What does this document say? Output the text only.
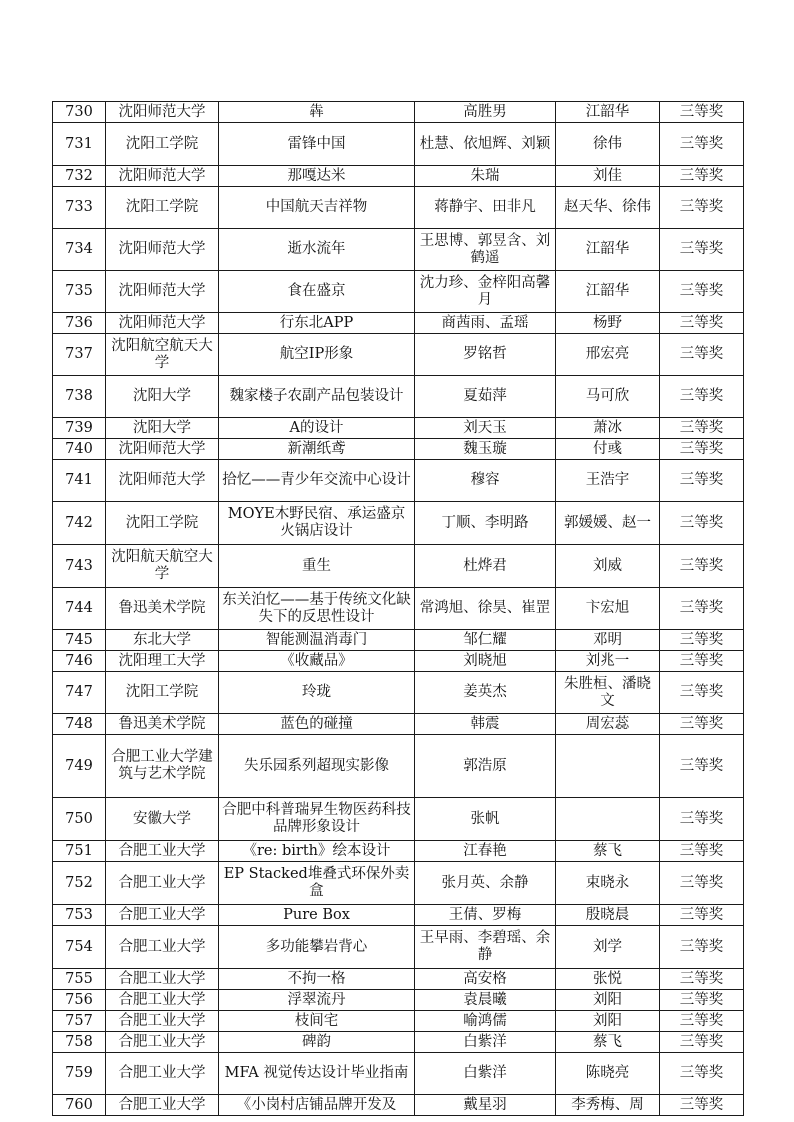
730	沈阳师范大学	犇	高胜男	江韶华	三等奖
731	沈阳工学院	雷锋中国	杜慧、依旭辉、刘颖	徐伟	三等奖
732	沈阳师范大学	那嘎达米	朱瑞	刘佳	三等奖
733	沈阳工学院	中国航天吉祥物	蒋静宇、田非凡	赵天华、徐伟	三等奖
734	沈阳师范大学	逝水流年	王思博、郭昱含、刘鹤遥	江韶华	三等奖
735	沈阳师范大学	食在盛京	沈力珍、金梓阳高馨月	江韶华	三等奖
736	沈阳师范大学	行东北APP	商茜雨、孟瑶	杨野	三等奖
737	沈阳航空航天大学	航空IP形象	罗铭哲	邢宏亮	三等奖
738	沈阳大学	魏家楼子农副产品包装设计	夏茹萍	马可欣	三等奖
739	沈阳大学	A的设计	刘天玉	萧冰	三等奖
740	沈阳师范大学	新潮纸鸢	魏玉璇	付彧	三等奖
741	沈阳师范大学	拾忆——青少年交流中心设计	穆容	王浩宇	三等奖
742	沈阳工学院	MOYE木野民宿、承运盛京火锅店设计	丁顺、李明路	郭媛媛、赵一	三等奖
743	沈阳航天航空大学	重生	杜烨君	刘威	三等奖
744	鲁迅美术学院	东关泊忆——基于传统文化缺失下的反思性设计	常鸿旭、徐昊、崔罡	卞宏旭	三等奖
745	东北大学	智能测温消毒门	邹仁耀	邓明	三等奖
746	沈阳理工大学	《收藏品》	刘晓旭	刘兆一	三等奖
747	沈阳工学院	玲珑	姜英杰	朱胜桓、潘晓文	三等奖
748	鲁迅美术学院	蓝色的碰撞	韩震	周宏蕊	三等奖
749	合肥工业大学建筑与艺术学院	失乐园系列超现实影像	郭浩原		三等奖
750	安徽大学	合肥中科普瑞昇生物医药科技品牌形象设计	张帆		三等奖
751	合肥工业大学	《re: birth》绘本设计	江春艳	蔡飞	三等奖
752	合肥工业大学	EP Stacked堆叠式环保外卖盒	张月英、余静	束晓永	三等奖
753	合肥工业大学	Pure Box	王倩、罗梅	殷晓晨	三等奖
754	合肥工业大学	多功能攀岩背心	王早雨、李碧瑶、余静	刘学	三等奖
755	合肥工业大学	不拘一格	高安格	张悦	三等奖
756	合肥工业大学	浮翠流丹	袁晨曦	刘阳	三等奖
757	合肥工业大学	枝间宅	喻鸿儒	刘阳	三等奖
758	合肥工业大学	碑韵	白紫洋	蔡飞	三等奖
759	合肥工业大学	MFA 视觉传达设计毕业指南	白紫洋	陈晓亮	三等奖
760	合肥工业大学	《小岗村店铺品牌开发及	戴星羽	李秀梅、周	三等奖
